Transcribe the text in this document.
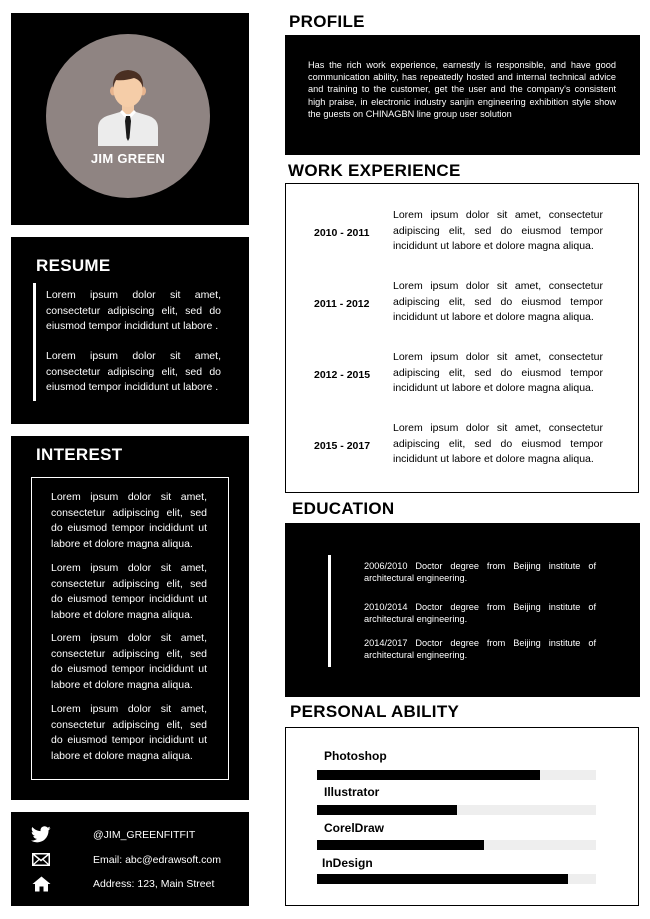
JIM GREEN
RESUME
Lorem ipsum dolor sit amet, consectetur adipiscing elit, sed do eiusmod tempor incididunt ut labore .
Lorem ipsum dolor sit amet, consectetur adipiscing elit, sed do eiusmod tempor incididunt ut labore .
INTEREST
Lorem ipsum dolor sit amet, consectetur adipiscing elit, sed do eiusmod tempor incididunt ut labore et dolore magna aliqua.
Lorem ipsum dolor sit amet, consectetur adipiscing elit, sed do eiusmod tempor incididunt ut labore et dolore magna aliqua.
Lorem ipsum dolor sit amet, consectetur adipiscing elit, sed do eiusmod tempor incididunt ut labore et dolore magna aliqua.
Lorem ipsum dolor sit amet, consectetur adipiscing elit, sed do eiusmod tempor incididunt ut labore et dolore magna aliqua.
@JIM_GREENFITFIT
Email: abc@edrawsoft.com
Address: 123, Main Street
PROFILE
Has the rich work experience, earnestly is responsible, and have good communication ability, has repeatedly hosted and internal technical advice and training to the customer, get the user and the company's consistent high praise, in electronic industry sanjin engineering exhibition style show the guests on CHINAGBN line group user solution
WORK EXPERIENCE
2010 - 2011
Lorem ipsum dolor sit amet, consectetur adipiscing elit, sed do eiusmod tempor incididunt ut labore et dolore magna aliqua.
2011 - 2012
Lorem ipsum dolor sit amet, consectetur adipiscing elit, sed do eiusmod tempor incididunt ut labore et dolore magna aliqua.
2012 - 2015
Lorem ipsum dolor sit amet, consectetur adipiscing elit, sed do eiusmod tempor incididunt ut labore et dolore magna aliqua.
2015 - 2017
Lorem ipsum dolor sit amet, consectetur adipiscing elit, sed do eiusmod tempor incididunt ut labore et dolore magna aliqua.
EDUCATION
2006/2010 Doctor degree from Beijing institute of architectural engineering.
2010/2014 Doctor degree from Beijing institute of architectural engineering.
2014/2017 Doctor degree from Beijing institute of architectural engineering.
PERSONAL ABILITY
Photoshop
Illustrator
CorelDraw
InDesign
